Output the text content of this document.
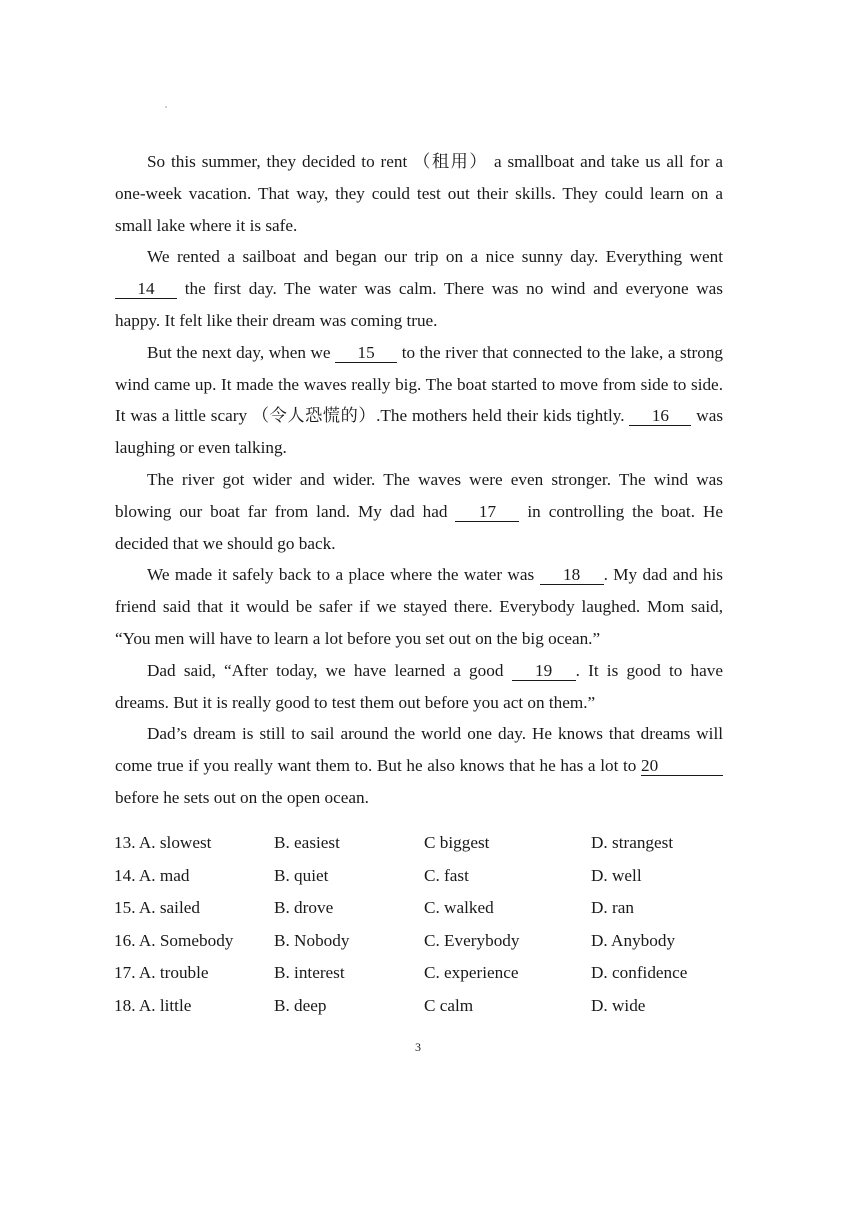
So this summer, they decided to rent （租用） a smallboat and take us all for a one-week vacation. That way, they could test out their skills. They could learn on a small lake where it is safe.

We rented a sailboat and began our trip on a nice sunny day. Everything went 14 the first day. The water was calm. There was no wind and everyone was happy. It felt like their dream was coming true.

But the next day, when we 15 to the river that connected to the lake, a strong wind came up. It made the waves really big. The boat started to move from side to side. It was a little scary （令人恐慌的）.The mothers held their kids tightly. 16 was laughing or even talking.

The river got wider and wider. The waves were even stronger. The wind was blowing our boat far from land. My dad had 17 in controlling the boat. He decided that we should go back.

We made it safely back to a place where the water was 18 . My dad and his friend said that it would be safer if we stayed there. Everybody laughed. Mom said, “You men will have to learn a lot before you set out on the big ocean.”

Dad said, “After today, we have learned a good 19 . It is good to have dreams. But it is really good to test them out before you act on them.”

Dad’s dream is still to sail around the world one day. He knows that dreams will come true if you really want them to. But he also knows that he has a lot to 20 before he sets out on the open ocean.

13. A. slowest	B. easiest	C biggest	D. strangest
14. A. mad	B. quiet	C. fast	D. well
15. A. sailed	B. drove	C. walked	D. ran
16. A. Somebody B. Nobody	C. Everybody	D. Anybody
17. A. trouble	B. interest	C. experience	D. confidence
18. A. little	B. deep	C calm	D. wide
3
